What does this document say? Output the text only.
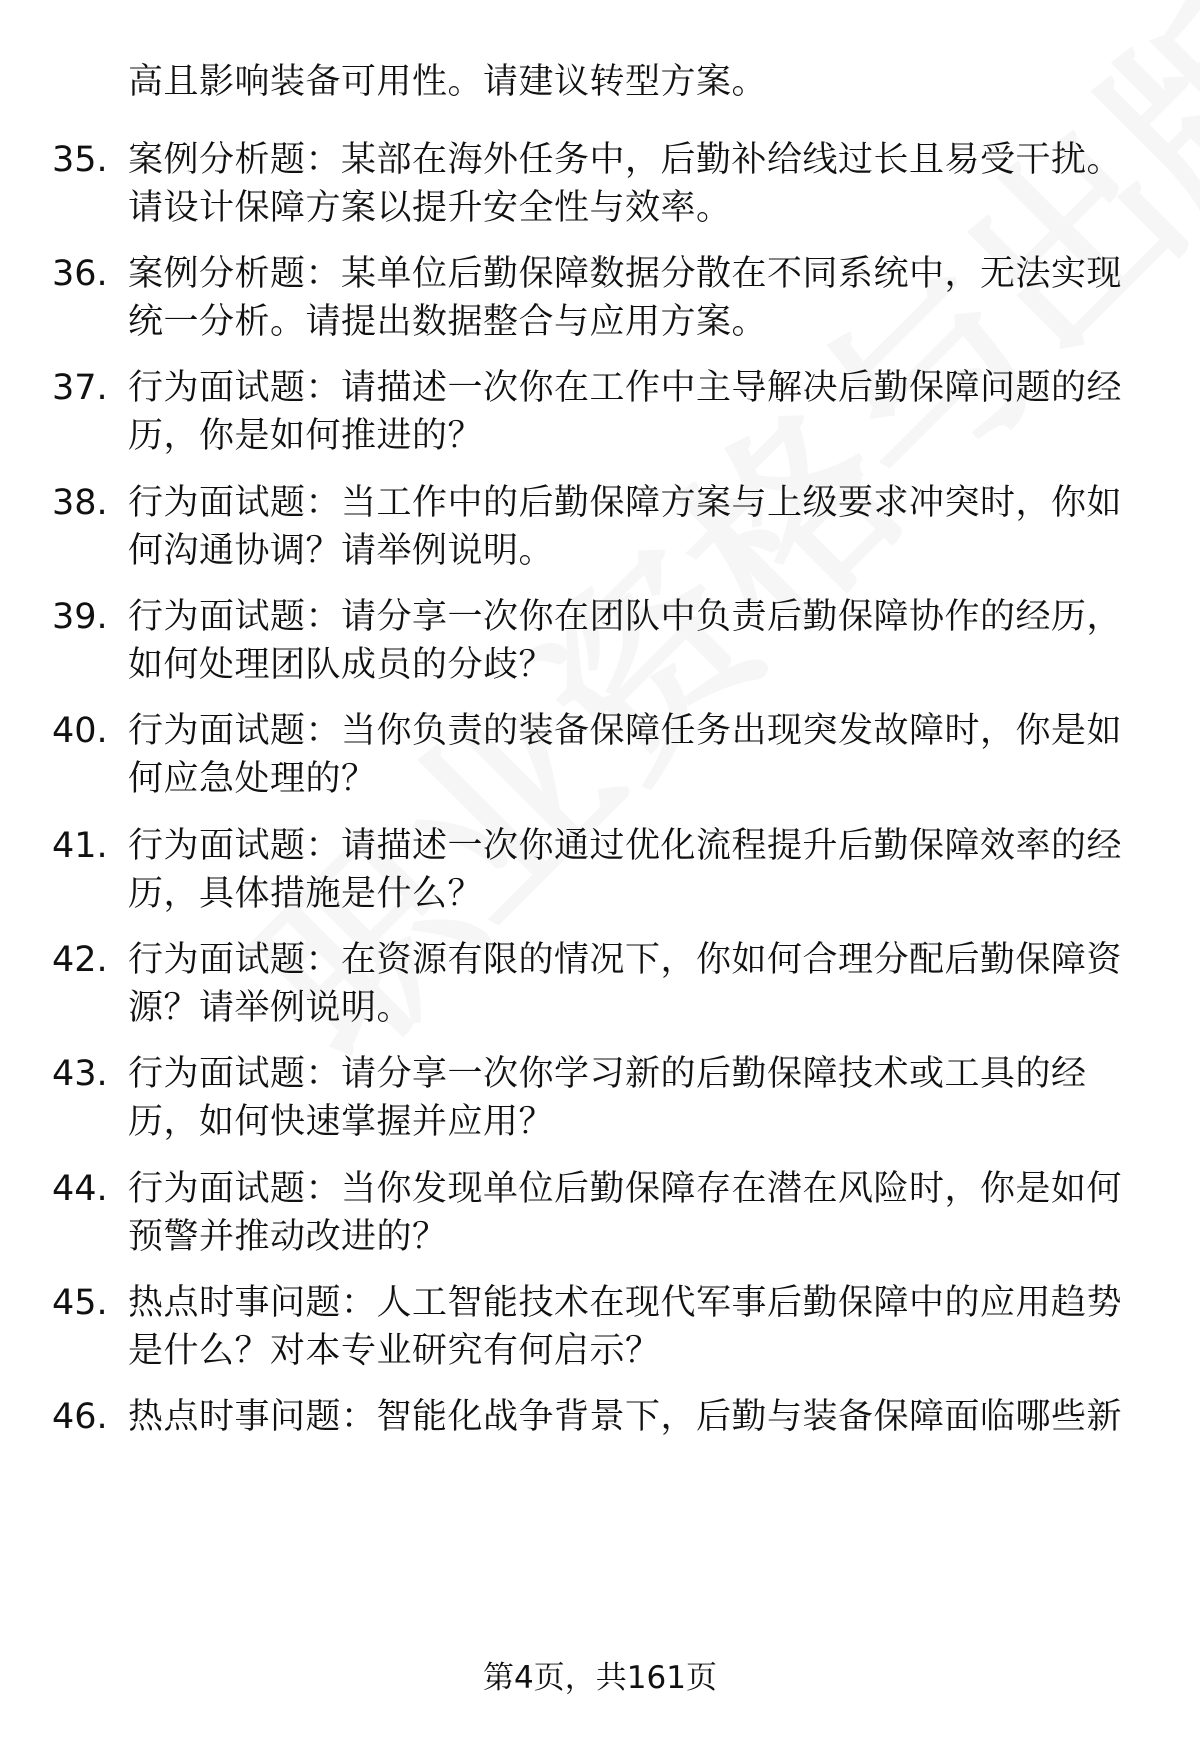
高且影响装备可用性。请建议转型方案。
35. 案例分析题：某部在海外任务中，后勤补给线过长且易受干扰。请设计保障方案以提升安全性与效率。
36. 案例分析题：某单位后勤保障数据分散在不同系统中，无法实现统一分析。请提出数据整合与应用方案。
37. 行为面试题：请描述一次你在工作中主导解决后勤保障问题的经历，你是如何推进的？
38. 行为面试题：当工作中的后勤保障方案与上级要求冲突时，你如何沟通协调？请举例说明。
39. 行为面试题：请分享一次你在团队中负责后勤保障协作的经历，如何处理团队成员的分歧？
40. 行为面试题：当你负责的装备保障任务出现突发故障时，你是如何应急处理的？
41. 行为面试题：请描述一次你通过优化流程提升后勤保障效率的经历，具体措施是什么？
42. 行为面试题：在资源有限的情况下，你如何合理分配后勤保障资源？请举例说明。
43. 行为面试题：请分享一次你学习新的后勤保障技术或工具的经历，如何快速掌握并应用？
44. 行为面试题：当你发现单位后勤保障存在潜在风险时，你是如何预警并推动改进的？
45. 热点时事问题：人工智能技术在现代军事后勤保障中的应用趋势是什么？对本专业研究有何启示？
46. 热点时事问题：智能化战争背景下，后勤与装备保障面临哪些新
第4页，共161页
